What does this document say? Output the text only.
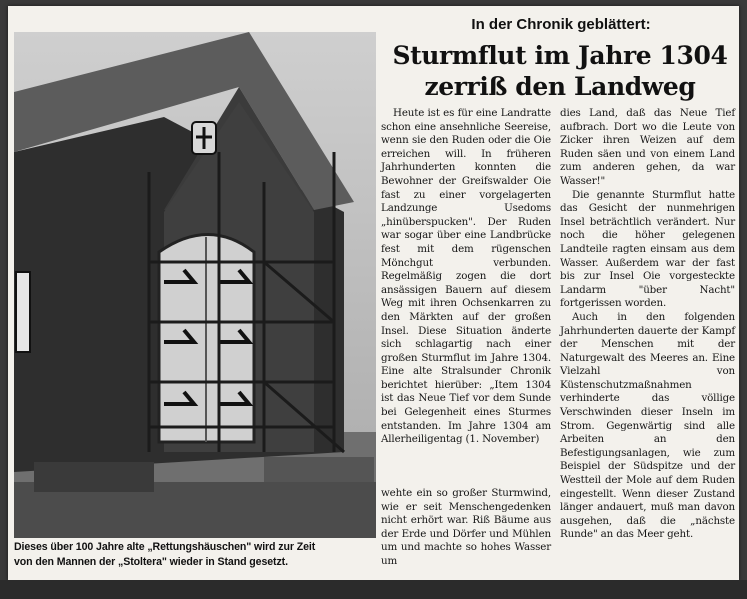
Dieses über 100 Jahre alte „Rettungshäuschen" wird zur Zeit
von den Mannen der „Stoltera" wieder in Stand gesetzt.
In der Chronik geblättert:
Sturmflut im Jahre 1304
zerriß den Landweg

Heute ist es für eine Landratte schon eine ansehnliche Seereise, wenn sie den Ruden oder die Oie erreichen will. In früheren Jahrhunderten konnten die Bewohner der Greifswalder Oie fast zu einer vorgelagerten Landzunge Usedoms „hinüberspucken". Der Ruden war sogar über eine Landbrücke fest mit dem rügenschen Mönchgut verbunden. Regelmäßig zogen die dort ansässigen Bauern auf diesem Weg mit ihren Ochsenkarren zu den Märkten auf der großen Insel. Diese Situation änderte sich schlagartig nach einer großen Sturmflut im Jahre 1304. Eine alte Stralsunder Chronik berichtet hierüber: „Item 1304 ist das Neue Tief vor dem Sunde bei Gelegenheit eines Sturmes entstanden. Im Jahre 1304 am Allerheiligentag (1. November)

wehte ein so großer Sturmwind, wie er seit Menschengedenken nicht erhört war. Riß Bäume aus der Erde und Dörfer und Mühlen um und machte so hohes Wasser um

dies Land, daß das Neue Tief aufbrach. Dort wo die Leute von Zicker ihren Weizen auf dem Ruden säen und von einem Land zum anderen gehen, da war Wasser!"

Die genannte Sturmflut hatte das Gesicht der nunmehrigen Insel beträchtlich verändert. Nur noch die höher gelegenen Landteile ragten einsam aus dem Wasser. Außerdem war der fast bis zur Insel Oie vorgesteckte Landarm "über Nacht" fortgerissen worden.

Auch in den folgenden Jahrhunderten dauerte der Kampf der Menschen mit der Naturgewalt des Meeres an. Eine Vielzahl von Küstenschutzmaßnahmen verhinderte das völlige Verschwinden dieser Inseln im Strom. Gegenwärtig sind alle Arbeiten an den Befestigungsanlagen, wie zum Beispiel der Südspitze und der Westteil der Mole auf dem Ruden eingestellt. Wenn dieser Zustand länger andauert, muß man davon ausgehen, daß die „nächste Runde" an das Meer geht.
